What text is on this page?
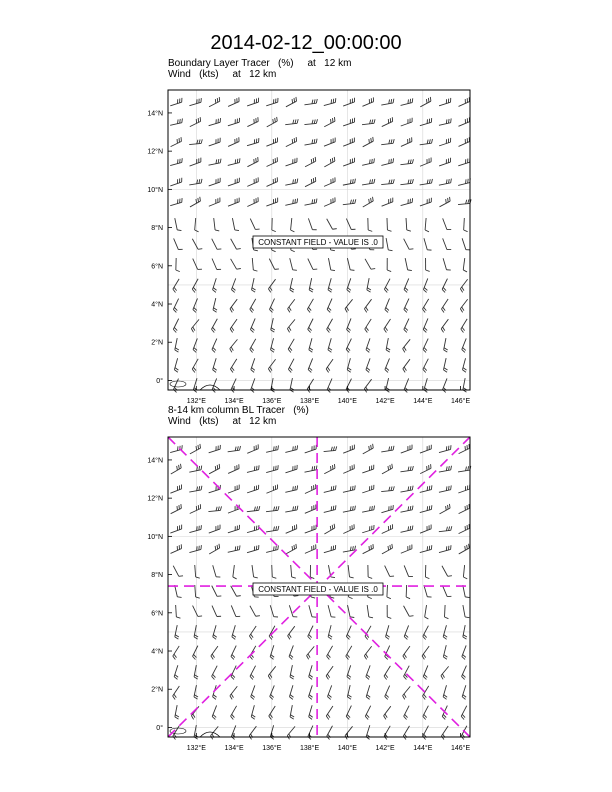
2014-02-12_00:00:00
Boundary Layer Tracer   (%)     at   12 km
Wind   (kts)     at   12 km
132°E	134°E	136°E	138°E	140°E	142°E	144°E	146°E
0°
2°N
4°N
6°N
8°N
10°N
12°N
14°N
CONSTANT FIELD - VALUE IS .0
8-14 km column BL Tracer   (%)
Wind   (kts)     at   12 km
132°E	134°E	136°E	138°E	140°E	142°E	144°E	146°E
0°
2°N
4°N
6°N
8°N
10°N
12°N
14°N
CONSTANT FIELD - VALUE IS .0
